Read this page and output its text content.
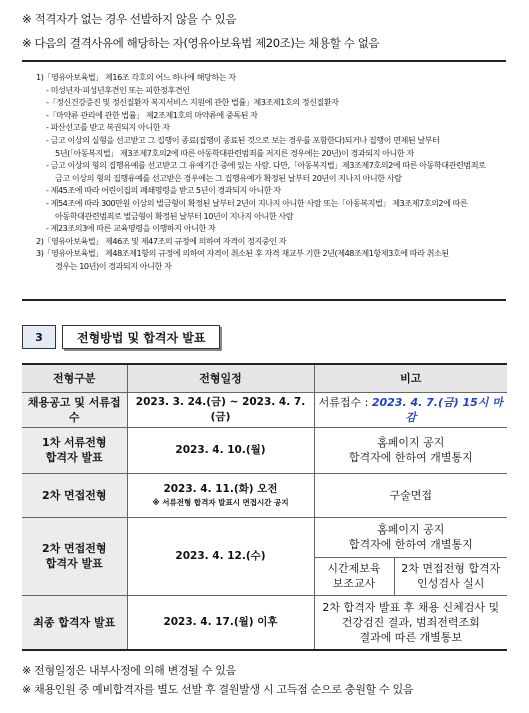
※ 적격자가 없는 경우 선발하지 않을 수 있음
※ 다음의 결격사유에 해당하는 자(영유아보육법 제20조)는 채용할 수 없음
1)「영유아보육법」 제16조 각호의 어느 하나에 해당하는 자
- 미성년자·피성년후견인 또는 피한정후견인
-「정신건강증진 및 정신질환자 복지서비스 지원에 관한 법률」제3조제1호의 정신질환자
-「마약류 관리에 관한 법률」 제2조제1호의 마약류에 중독된 자
- 파산선고를 받고 복권되지 아니한 자
- 금고 이상의 실형을 선고받고 그 집행이 종료(집행이 종료된 것으로 보는 경우를 포함한다)되거나 집행이 면제된 날부터
5년(「아동복지법」 제3조제7호의2에 따른 아동학대관련범죄를 저지른 경우에는 20년)이 경과되지 아니한 자
- 금고 이상의 형의 집행유예를 선고받고 그 유예기간 중에 있는 사람. 다만,「아동복지법」제3조제7호의2에 따른 아동학대관련범죄로
금고 이상의 형의 집행유예를 선고받은 경우에는 그 집행유예가 확정된 날부터 20년이 지나지 아니한 사람
- 제45조에 따라 어린이집의 폐쇄명령을 받고 5년이 경과되지 아니한 자
- 제54조에 따라 300만원 이상의 벌금형이 확정된 날부터 2년이 지나지 아니한 사람 또는「아동복지법」 제3조제7호의2에 따른
아동학대관련범죄로 벌금형이 확정된 날부터 10년이 지나지 아니한 사람
- 제23조의3에 따른 교육명령을 이행하지 아니한 자
2)「영유아보육법」 제46조 및 제47조의 규정에 의하여 자격이 정지중인 자
3)「영유아보육법」 제48조제1항의 규정에 의하여 자격이 취소된 후 자격 재교부 기한 2년(제48조제1항제3호에 따라 취소된
경우는 10년)이 경과되지 아니한 자
3	전형방법 및 합격자 발표
전형구분	전형일정	비고	
채용공고 및 서류접수	2023. 3. 24.(금) ~ 2023. 4. 7.(금)	서류접수 : 2023. 4. 7.(금) 15시 마감	
1차 서류전형
합격자 발표	2023. 4. 10.(월)	홈페이지 공지
합격자에 한하여 개별통지	
2차 면접전형	2023. 4. 11.(화) 오전
※ 서류전형 합격자 발표시 면접시간 공지	구술면접	
2차 면접전형
합격자 발표	2023. 4. 12.(수)	홈페이지 공지
합격자에 한하여 개별통지	
		시간제보육
보조교사	2차 면접전형 합격자
인성검사 실시
최종 합격자 발표	2023. 4. 17.(월) 이후	2차 합격자 발표 후 채용 신체검사 및
건강검진 결과, 범죄전력조회
결과에 따른 개별통보	
※ 전형일정은 내부사정에 의해 변경될 수 있음
※ 채용인원 중 예비합격자를 별도 선발 후 결원발생 시 고득점 순으로 충원할 수 있음
